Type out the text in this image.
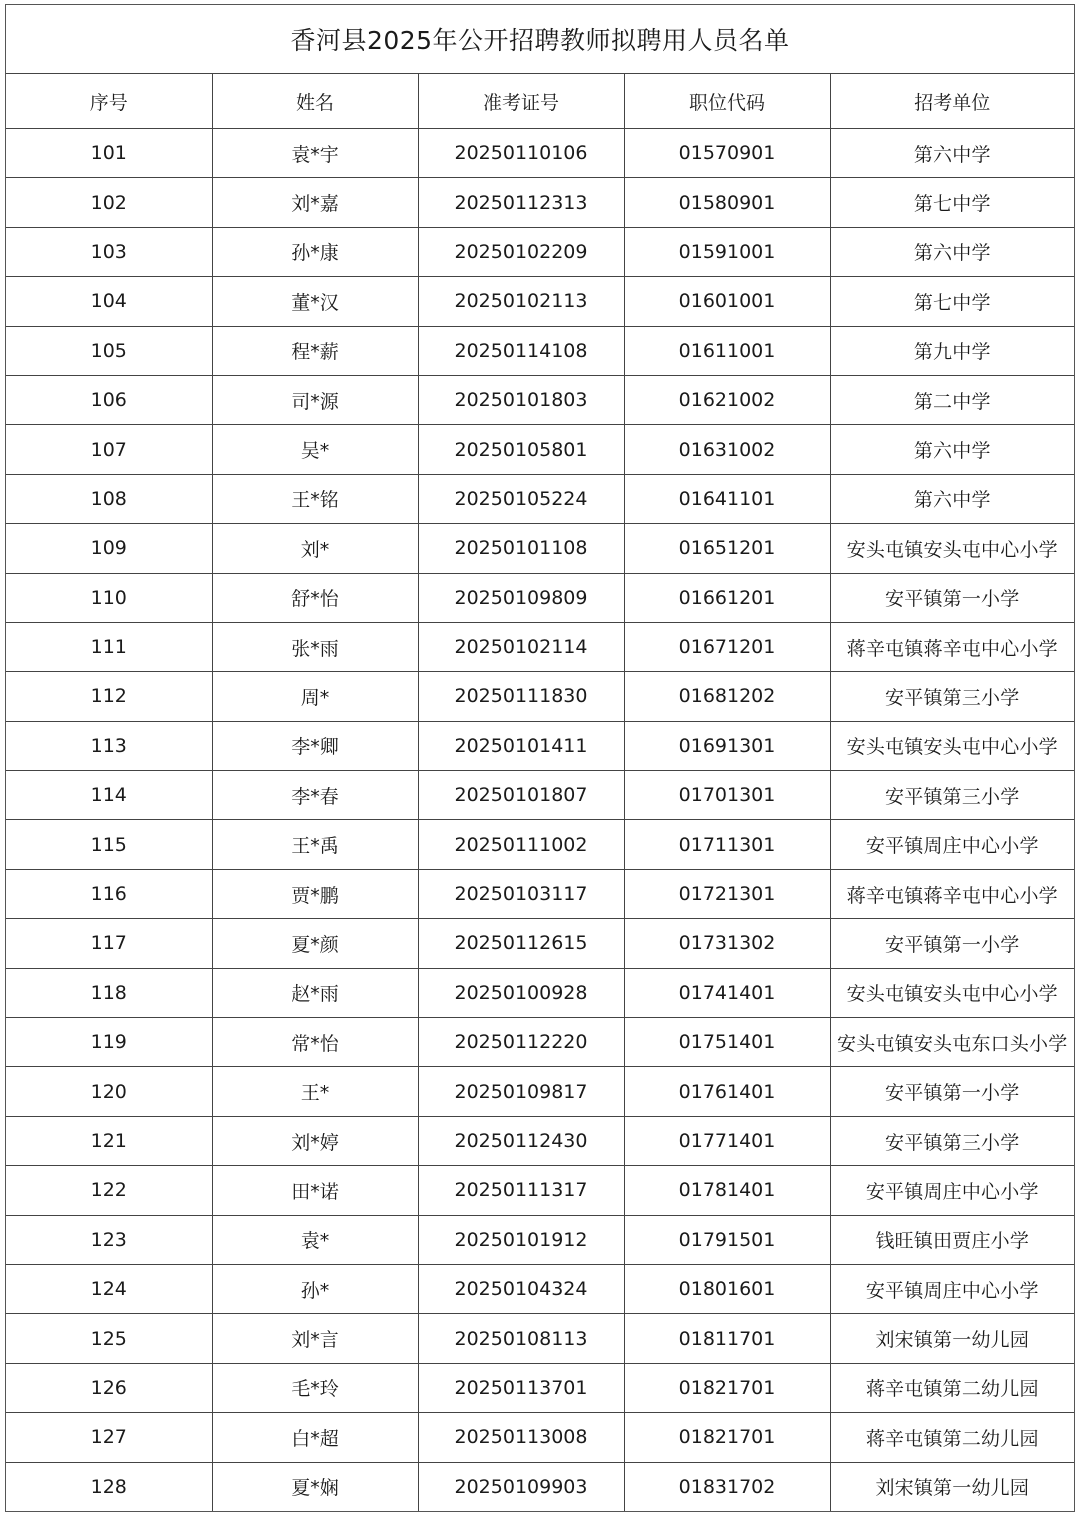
香河县2025年公开招聘教师拟聘用人员名单
序号	姓名	准考证号	职位代码	招考单位
101	袁*宇	20250110106	01570901	第六中学
102	刘*嘉	20250112313	01580901	第七中学
103	孙*康	20250102209	01591001	第六中学
104	董*汉	20250102113	01601001	第七中学
105	程*薪	20250114108	01611001	第九中学
106	司*源	20250101803	01621002	第二中学
107	吴*	20250105801	01631002	第六中学
108	王*铭	20250105224	01641101	第六中学
109	刘*	20250101108	01651201	安头屯镇安头屯中心小学
110	舒*怡	20250109809	01661201	安平镇第一小学
111	张*雨	20250102114	01671201	蒋辛屯镇蒋辛屯中心小学
112	周*	20250111830	01681202	安平镇第三小学
113	李*卿	20250101411	01691301	安头屯镇安头屯中心小学
114	李*春	20250101807	01701301	安平镇第三小学
115	王*禹	20250111002	01711301	安平镇周庄中心小学
116	贾*鹏	20250103117	01721301	蒋辛屯镇蒋辛屯中心小学
117	夏*颜	20250112615	01731302	安平镇第一小学
118	赵*雨	20250100928	01741401	安头屯镇安头屯中心小学
119	常*怡	20250112220	01751401	安头屯镇安头屯东口头小学
120	王*	20250109817	01761401	安平镇第一小学
121	刘*婷	20250112430	01771401	安平镇第三小学
122	田*诺	20250111317	01781401	安平镇周庄中心小学
123	袁*	20250101912	01791501	钱旺镇田贾庄小学
124	孙*	20250104324	01801601	安平镇周庄中心小学
125	刘*言	20250108113	01811701	刘宋镇第一幼儿园
126	毛*玲	20250113701	01821701	蒋辛屯镇第二幼儿园
127	白*超	20250113008	01821701	蒋辛屯镇第二幼儿园
128	夏*娴	20250109903	01831702	刘宋镇第一幼儿园
